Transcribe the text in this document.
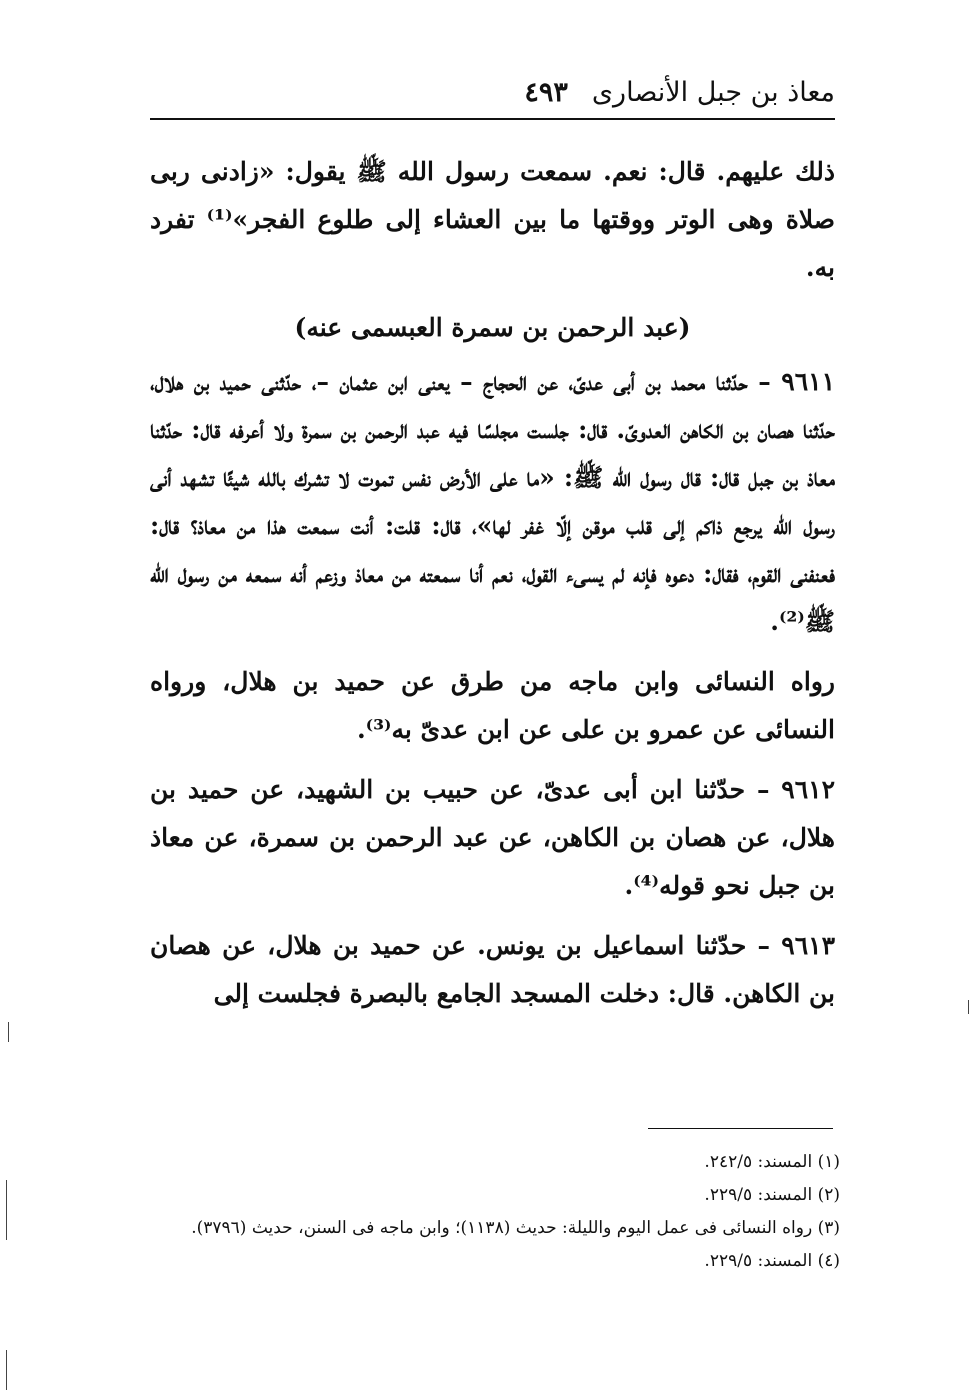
معاذ بن جبل الأنصارى
٤٩٣

ذلك عليهم. قال: نعم. سمعت رسول الله ﷺ يقول: «زادنى ربى صلاة وهى الوتر ووقتها ما بين العشاء إلى طلوع الفجر»⁽¹⁾ تفرد به.

(عبد الرحمن بن سمرة العبسمى عنه)

٩٦١١ – حدّثنا محمد بن أبى عدىّ، عن الحجاج – يعنى ابن عثمان –، حدّثنى حميد بن هلال، حدّثنا هصان بن الكاهن العدوىّ. قال: جلست مجلسًا فيه عبد الرحمن بن سمرة ولا أعرفه قال: حدّثنا معاذ بن جبل قال: قال رسول الله ﷺ: «ما على الأرض نفس تموت لا تشرك بالله شيئًا تشهد أنى رسول الله يرجع ذاكم إلى قلب موقن إلّا غفر لها»، قال: قلت: أنت سمعت هذا من معاذ؟ قال: فعنفنى القوم، فقال: دعوه فإنه لم يسىء القول، نعم أنا سمعته من معاذ وزعم أنه سمعه من رسول الله ﷺ⁽²⁾.

رواه النسائى وابن ماجه من طرق عن حميد بن هلال، ورواه النسائى عن عمرو بن على عن ابن عدىّ به⁽³⁾.

٩٦١٢ – حدّثنا ابن أبى عدىّ، عن حبيب بن الشهيد، عن حميد بن هلال، عن هصان بن الكاهن، عن عبد الرحمن بن سمرة، عن معاذ بن جبل نحو قوله⁽⁴⁾.

٩٦١٣ – حدّثنا اسماعيل بن يونس. عن حميد بن هلال، عن هصان بن الكاهن. قال: دخلت المسجد الجامع بالبصرة فجلست إلى

(١) المسند: ٢٤٢/٥.
(٢) المسند: ٢٢٩/٥.
(٣) رواه النسائى فى عمل اليوم والليلة: حديث (١١٣٨)؛ وابن ماجه فى السنن، حديث (٣٧٩٦).
(٤) المسند: ٢٢٩/٥.
